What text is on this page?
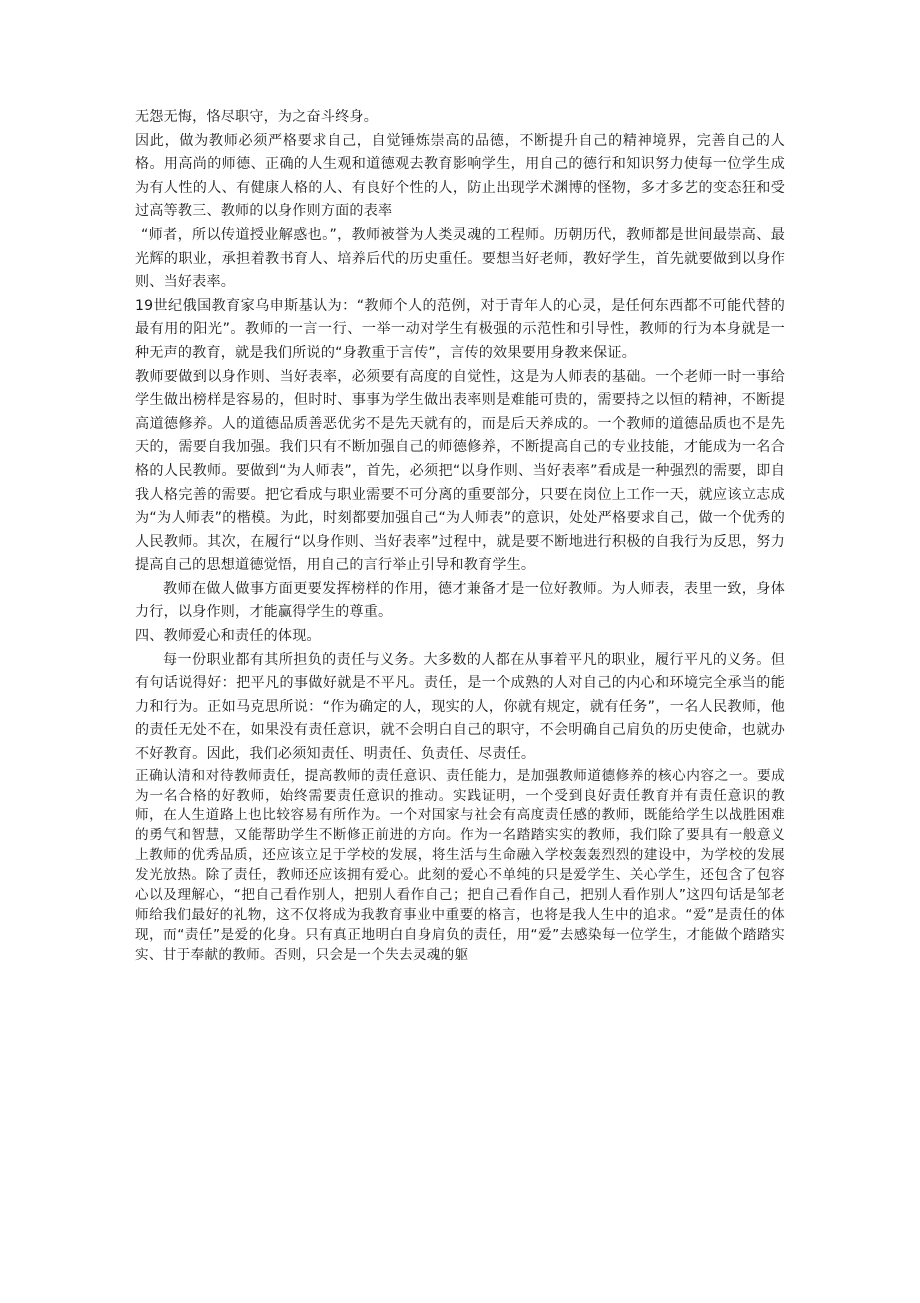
无怨无悔，恪尽职守，为之奋斗终身。

因此，做为教师必须严格要求自己，自觉锤炼崇高的品德，不断提升自己的精神境界，完善自己的人格。用高尚的师德、正确的人生观和道德观去教育影响学生，用自己的德行和知识努力使每一位学生成为有人性的人、有健康人格的人、有良好个性的人，防止出现学术渊博的怪物，多才多艺的变态狂和受过高等教三、教师的以身作则方面的表率

“师者，所以传道授业解惑也。”，教师被誉为人类灵魂的工程师。历朝历代，教师都是世间最崇高、最光辉的职业，承担着教书育人、培养后代的历史重任。要想当好老师，教好学生，首先就要做到以身作则、当好表率。

19世纪俄国教育家乌申斯基认为：“教师个人的范例，对于青年人的心灵，是任何东西都不可能代替的最有用的阳光”。教师的一言一行、一举一动对学生有极强的示范性和引导性，教师的行为本身就是一种无声的教育，就是我们所说的“身教重于言传”，言传的效果要用身教来保证。

教师要做到以身作则、当好表率，必须要有高度的自觉性，这是为人师表的基础。一个老师一时一事给学生做出榜样是容易的，但时时、事事为学生做出表率则是难能可贵的，需要持之以恒的精神，不断提高道德修养。人的道德品质善恶优劣不是先天就有的，而是后天养成的。一个教师的道德品质也不是先天的，需要自我加强。我们只有不断加强自己的师德修养，不断提高自己的专业技能，才能成为一名合格的人民教师。要做到“为人师表”，首先，必须把“以身作则、当好表率”看成是一种强烈的需要，即自我人格完善的需要。把它看成与职业需要不可分离的重要部分，只要在岗位上工作一天，就应该立志成为“为人师表”的楷模。为此，时刻都要加强自己“为人师表”的意识，处处严格要求自己，做一个优秀的人民教师。其次，在履行“以身作则、当好表率”过程中，就是要不断地进行积极的自我行为反思，努力提高自己的思想道德觉悟，用自己的言行举止引导和教育学生。

教师在做人做事方面更要发挥榜样的作用，德才兼备才是一位好教师。为人师表，表里一致，身体力行，以身作则，才能赢得学生的尊重。

四、教师爱心和责任的体现。

每一份职业都有其所担负的责任与义务。大多数的人都在从事着平凡的职业，履行平凡的义务。但有句话说得好：把平凡的事做好就是不平凡。责任，是一个成熟的人对自己的内心和环境完全承当的能力和行为。正如马克思所说：“作为确定的人，现实的人，你就有规定，就有任务”，一名人民教师，他的责任无处不在，如果没有责任意识，就不会明白自己的职守，不会明确自己肩负的历史使命，也就办不好教育。因此，我们必须知责任、明责任、负责任、尽责任。

正确认清和对待教师责任，提高教师的责任意识、责任能力，是加强教师道德修养的核心内容之一。要成为一名合格的好教师，始终需要责任意识的推动。实践证明，一个受到良好责任教育并有责任意识的教师，在人生道路上也比较容易有所作为。一个对国家与社会有高度责任感的教师，既能给学生以战胜困难的勇气和智慧，又能帮助学生不断修正前进的方向。作为一名踏踏实实的教师，我们除了要具有一般意义上教师的优秀品质，还应该立足于学校的发展，将生活与生命融入学校轰轰烈烈的建设中，为学校的发展发光放热。除了责任，教师还应该拥有爱心。此刻的爱心不单纯的只是爱学生、关心学生，还包含了包容心以及理解心，“把自己看作别人，把别人看作自己；把自己看作自己，把别人看作别人”这四句话是邹老师给我们最好的礼物，这不仅将成为我教育事业中重要的格言，也将是我人生中的追求。“爱”是责任的体现，而“责任”是爱的化身。只有真正地明白自身肩负的责任，用“爱”去感染每一位学生，才能做个踏踏实实、甘于奉献的教师。否则，只会是一个失去灵魂的躯
